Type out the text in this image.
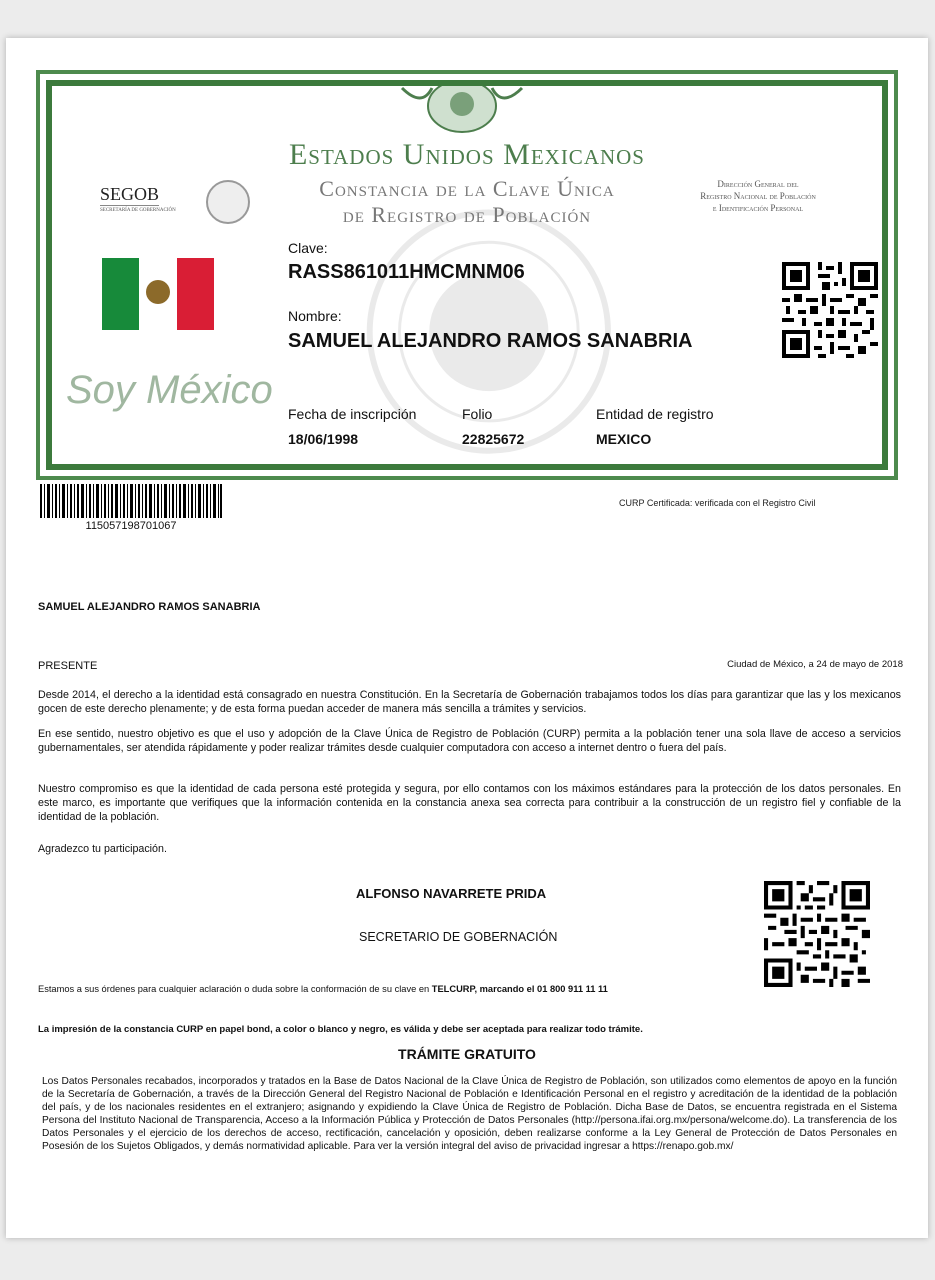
Estados Unidos Mexicanos
Constancia de la Clave Única
de Registro de Población
SEGOB
SECRETARÍA DE GOBERNACIÓN
Dirección General del
Registro Nacional de Población
e Identificación Personal
Soy México
Clave:
RASS861011HMCMNM06
Nombre:
SAMUEL ALEJANDRO RAMOS SANABRIA
Fecha de inscripción
18/06/1998
Folio
22825672
Entidad de registro
MEXICO
115057198701067
CURP Certificada: verificada con el Registro Civil
SAMUEL ALEJANDRO RAMOS SANABRIA
PRESENTE	Ciudad de México, a 24 de mayo de 2018
Desde 2014, el derecho a la identidad está consagrado en nuestra Constitución. En la Secretaría de Gobernación trabajamos todos los días para garantizar que las y los mexicanos gocen de este derecho plenamente; y de esta forma puedan acceder de manera más sencilla a trámites y servicios.
En ese sentido, nuestro objetivo es que el uso y adopción de la Clave Única de Registro de Población (CURP) permita a la población tener una sola llave de acceso a servicios gubernamentales, ser atendida rápidamente y poder realizar trámites desde cualquier computadora con acceso a internet dentro o fuera del país.
Nuestro compromiso es que la identidad de cada persona esté protegida y segura, por ello contamos con los máximos estándares para la protección de los datos personales. En este marco, es importante que verifiques que la información contenida en la constancia anexa sea correcta para contribuir a la construcción de un registro fiel y confiable de la identidad de la población.
Agradezco tu participación.
ALFONSO NAVARRETE PRIDA
SECRETARIO DE GOBERNACIÓN
Estamos a sus órdenes para cualquier aclaración o duda sobre la conformación de su clave en TELCURP, marcando el 01 800 911 11 11
La impresión de la constancia CURP en papel bond, a color o blanco y negro, es válida y debe ser aceptada para realizar todo trámite.
TRÁMITE GRATUITO
Los Datos Personales recabados, incorporados y tratados en la Base de Datos Nacional de la Clave Única de Registro de Población, son utilizados como elementos de apoyo en la función de la Secretaría de Gobernación, a través de la Dirección General del Registro Nacional de Población e Identificación Personal en el registro y acreditación de la identidad de la población del país, y de los nacionales residentes en el extranjero; asignando y expidiendo la Clave Única de Registro de Población. Dicha Base de Datos, se encuentra registrada en el Sistema Persona del Instituto Nacional de Transparencia, Acceso a la Información Pública y Protección de Datos Personales (http://persona.ifai.org.mx/persona/welcome.do). La transferencia de los Datos Personales y el ejercicio de los derechos de acceso, rectificación, cancelación y oposición, deben realizarse conforme a la Ley General de Protección de Datos Personales en Posesión de los Sujetos Obligados, y demás normatividad aplicable. Para ver la versión integral del aviso de privacidad ingresar a https://renapo.gob.mx/
